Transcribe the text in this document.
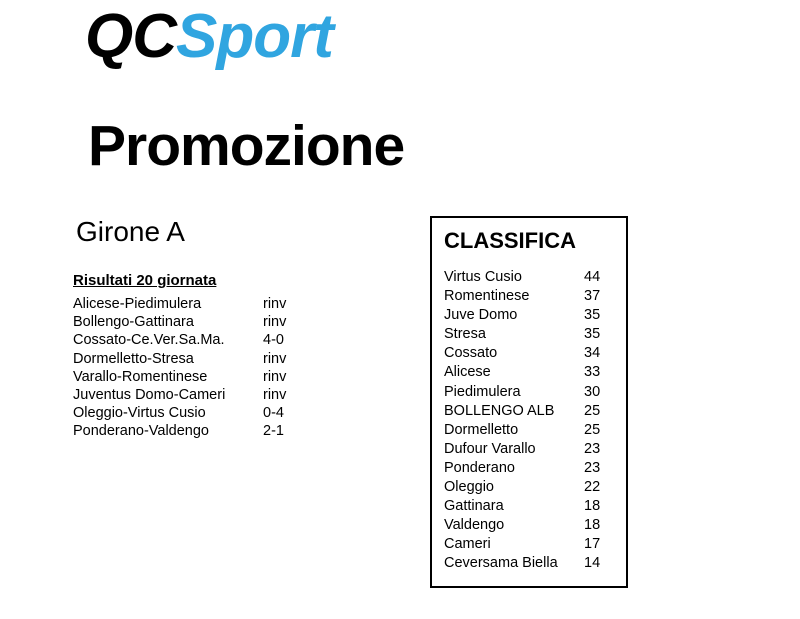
QCSport
Promozione
Girone A
Risultati 20 giornata
Alicese-Piedimulera	rinv
Bollengo-Gattinara	rinv
Cossato-Ce.Ver.Sa.Ma.	4-0
Dormelletto-Stresa	rinv
Varallo-Romentinese	rinv
Juventus Domo-Cameri	rinv
Oleggio-Virtus Cusio	0-4
Ponderano-Valdengo	2-1
CLASSIFICA
Virtus Cusio	44
Romentinese	37
Juve Domo	35
Stresa	35
Cossato	34
Alicese	33
Piedimulera	30
BOLLENGO ALB	25
Dormelletto	25
Dufour Varallo	23
Ponderano	23
Oleggio	22
Gattinara	18
Valdengo	18
Cameri	17
Ceversama Biella	14
